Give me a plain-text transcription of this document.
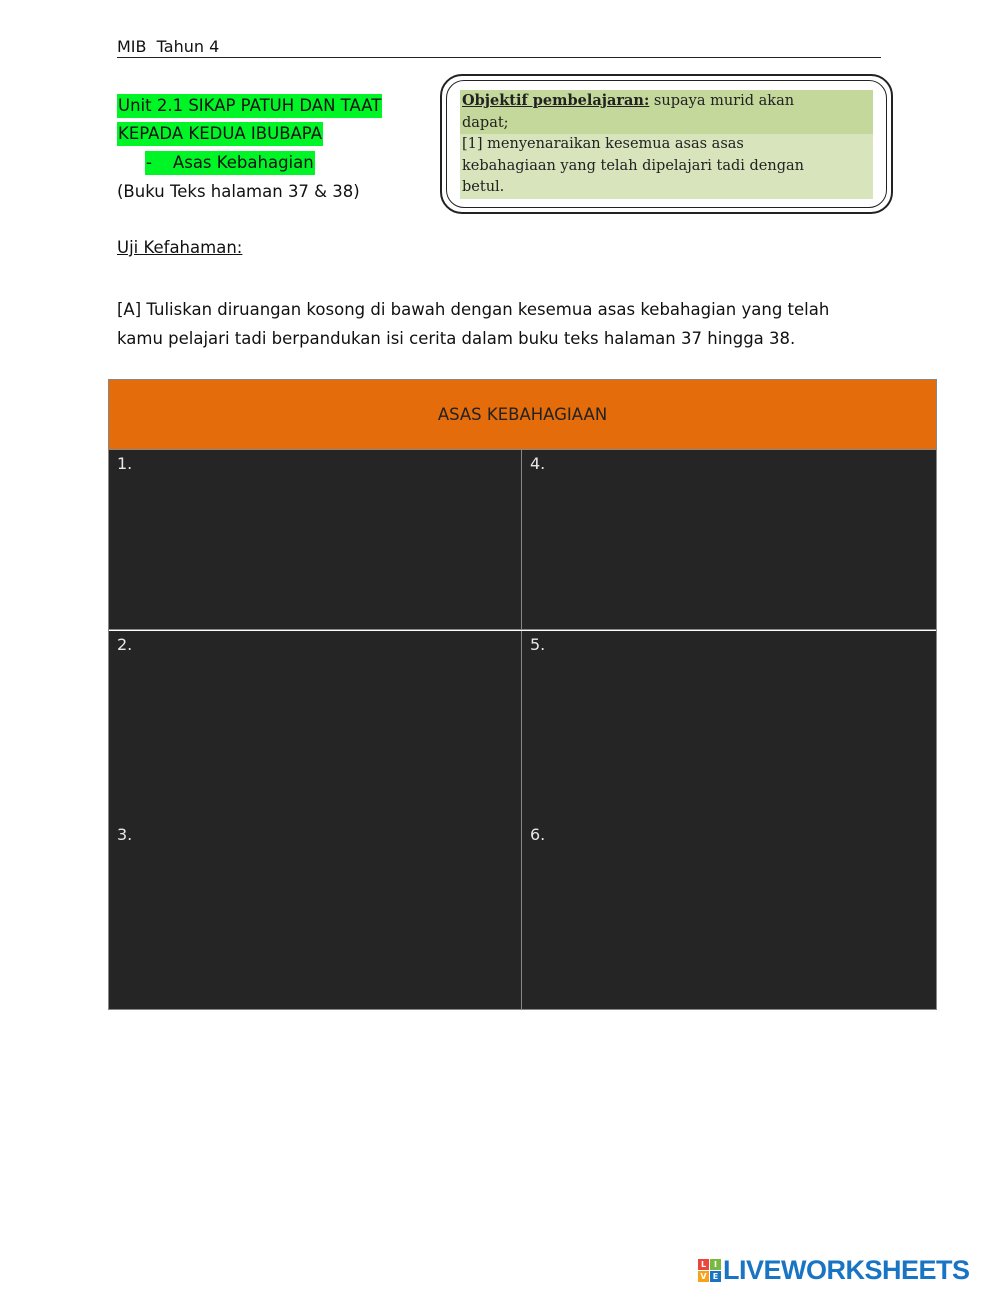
MIB  Tahun 4
Unit 2.1 SIKAP PATUH DAN TAAT
KEPADA KEDUA IBUBAPA
-    Asas Kebahagian
(Buku Teks halaman 37 & 38)
Objektif pembelajaran: supaya murid akan
dapat;
[1] menyenaraikan kesemua asas asas
kebahagiaan yang telah dipelajari tadi dengan
betul.
Uji Kefahaman:
[A] Tuliskan diruangan kosong di bawah dengan kesemua asas kebahagian yang telah kamu pelajari tadi berpandukan isi cerita dalam buku teks halaman 37 hingga 38.
ASAS KEBAHAGIAAN
1.	4.
2.	5.
3.	6.
L I
V E LIVEWORKSHEETS
